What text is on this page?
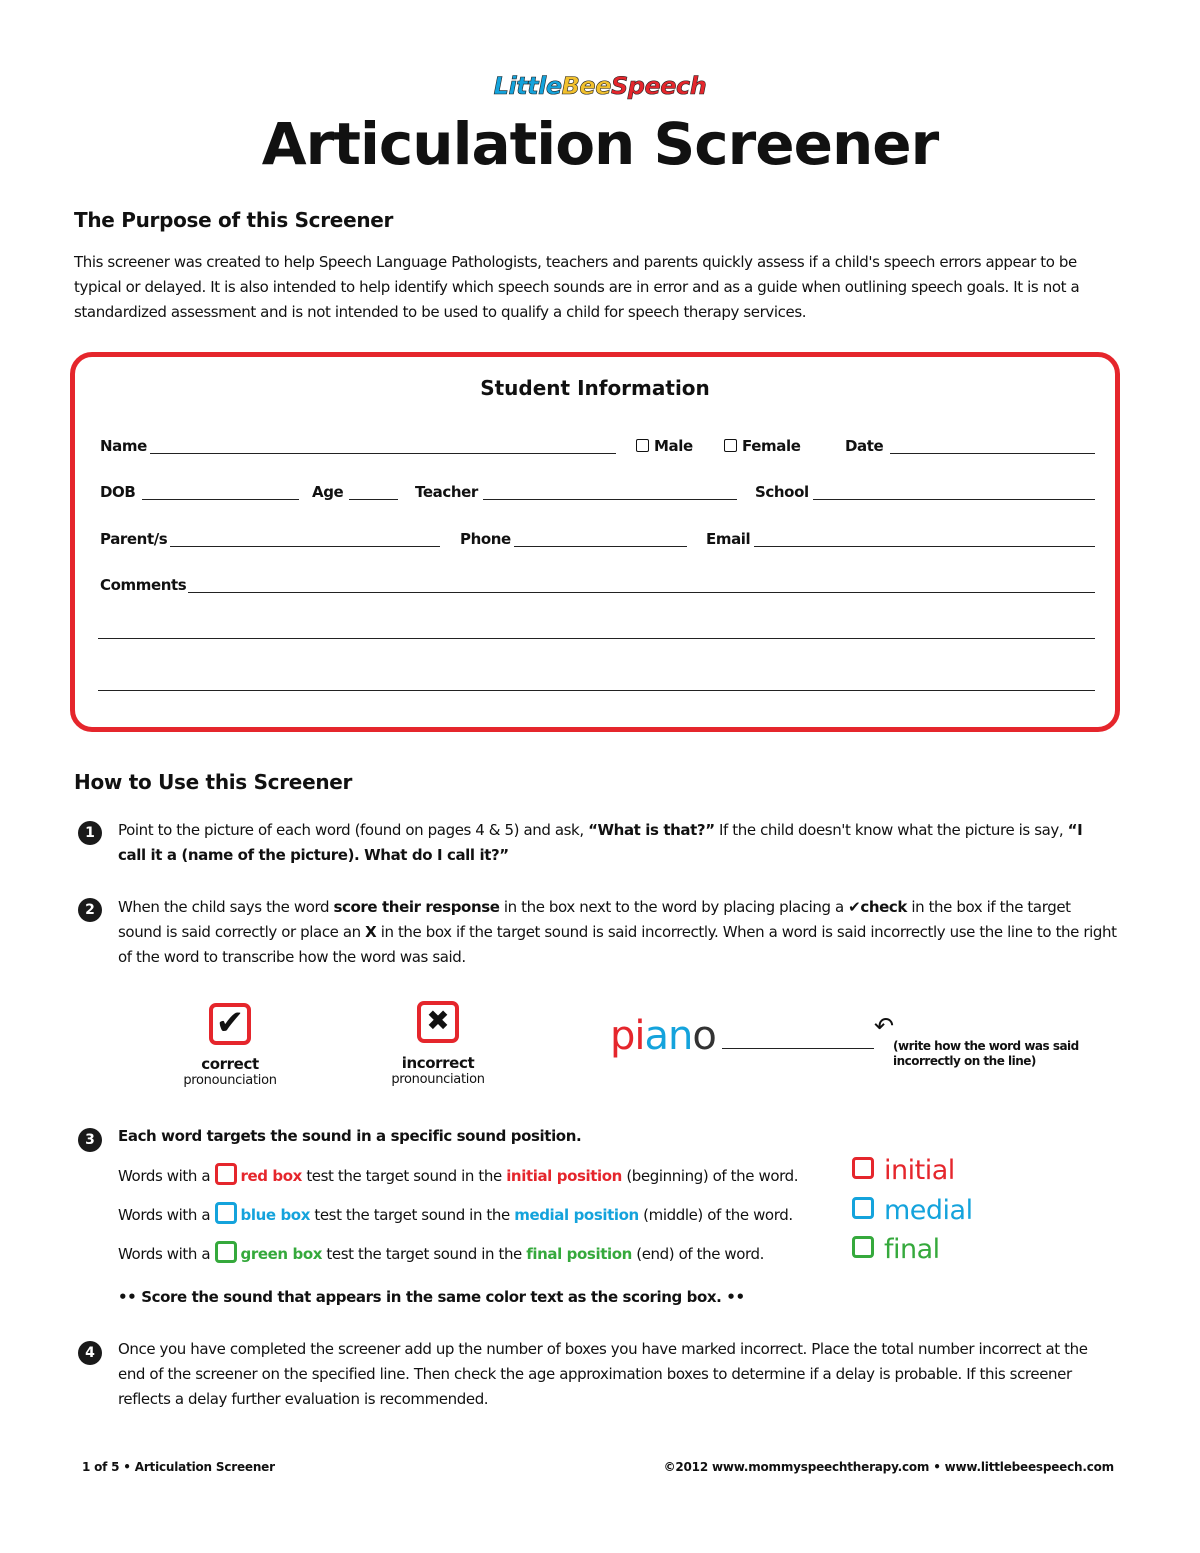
LittleBeeSpeech
Articulation Screener
The Purpose of this Screener
This screener was created to help Speech Language Pathologists, teachers and parents quickly assess if a child's speech errors appear to be typical or delayed. It is also intended to help identify which speech sounds are in error and as a guide when outlining speech goals. It is not a standardized assessment and is not intended to be used to qualify a child for speech therapy services.
Student Information
Name	Male	Female	Date
DOB	Age	Teacher	School
Parent/s	Phone	Email
Comments
How to Use this Screener
1	Point to the picture of each word (found on pages 4 & 5) and ask, “What is that?” If the child doesn't know what the picture is say, “I call it a (name of the picture). What do I call it?”
2	When the child says the word score their response in the box next to the word by placing placing a ✔check in the box if the target sound is said correctly or place an X in the box if the target sound is said incorrectly. When a word is said incorrectly use the line to the right of the word to transcribe how the word was said.
✔
correct
pronounciation
✖
incorrect
pronounciation
piano	↶
(write how the word was said incorrectly on the line)
3	Each word targets the sound in a specific sound position.
Words with a red box test the target sound in the initial position (beginning) of the word.
Words with a blue box test the target sound in the medial position (middle) of the word.
Words with a green box test the target sound in the final position (end) of the word.
initial
medial
final
•• Score the sound that appears in the same color text as the scoring box. ••
4	Once you have completed the screener add up the number of boxes you have marked incorrect. Place the total number incorrect at the end of the screener on the specified line. Then check the age approximation boxes to determine if a delay is probable. If this screener reflects a delay further evaluation is recommended.
1 of 5 • Articulation Screener	©2012 www.mommyspeechtherapy.com • www.littlebeespeech.com
